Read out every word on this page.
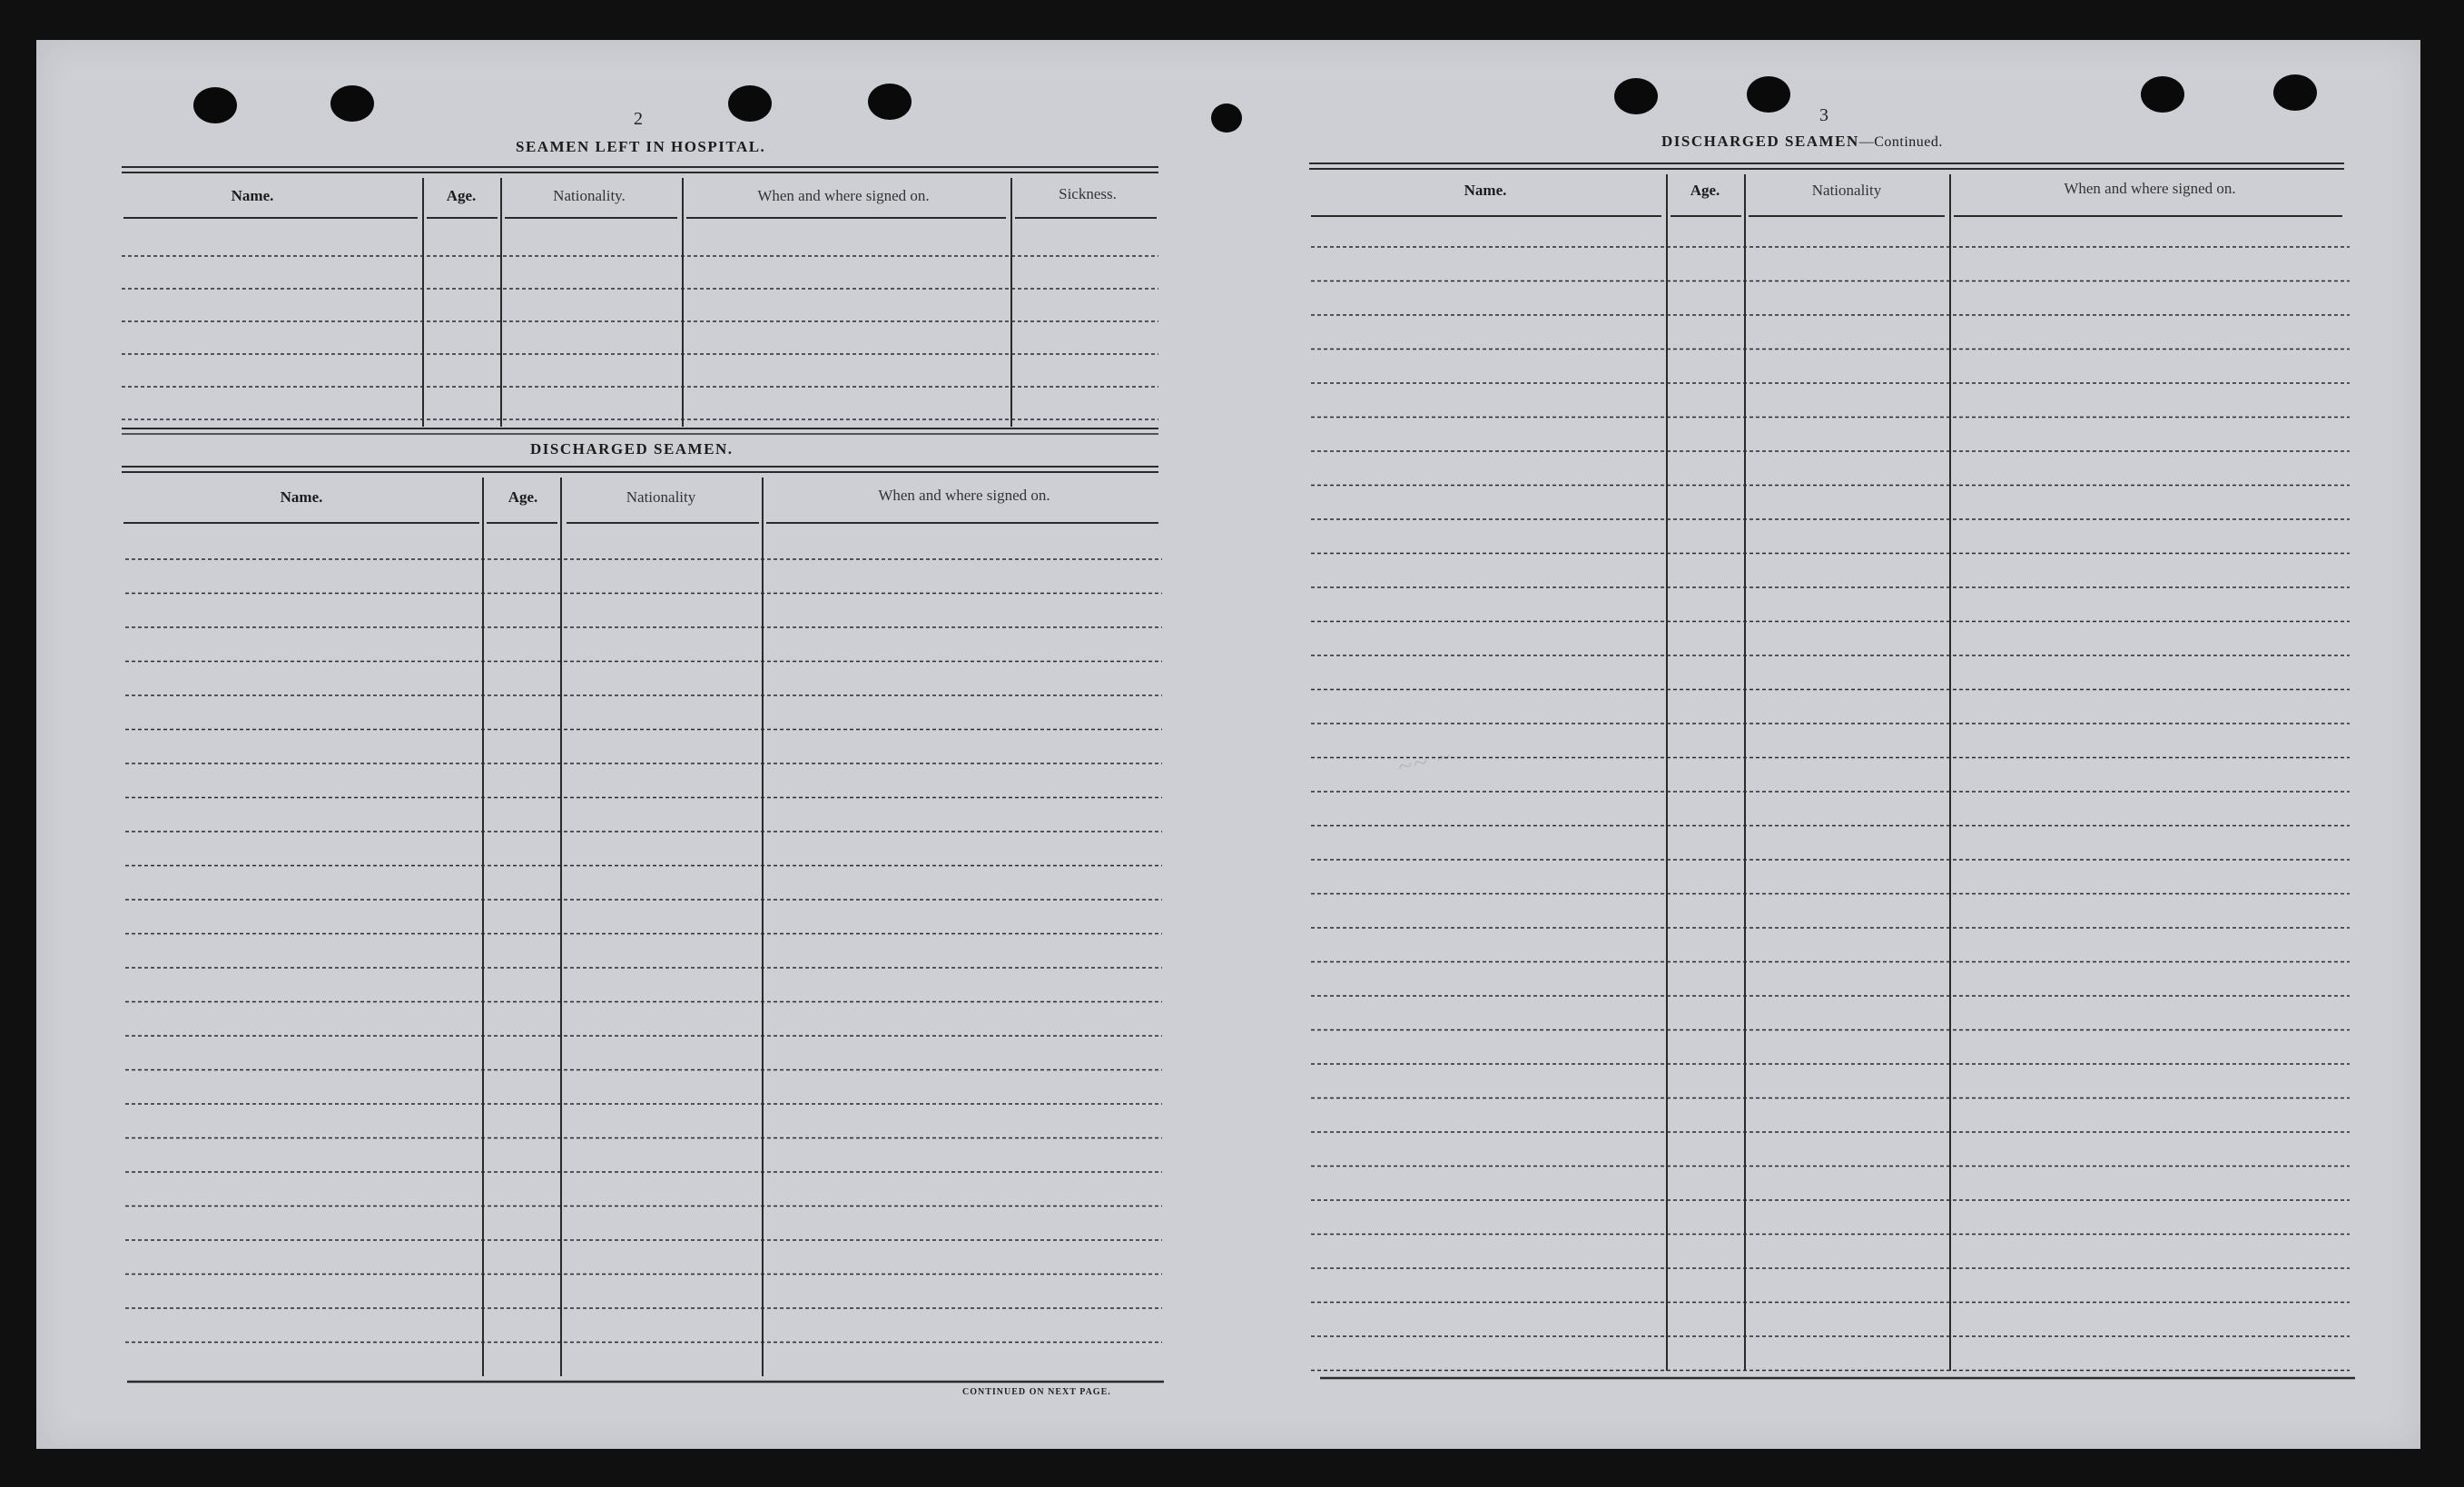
2
SEAMEN LEFT IN HOSPITAL.
Name.	Age.	Nationality.	When and where signed on.	Sickness.
DISCHARGED SEAMEN.
Name.	Age.	Nationality	When and where signed on.
CONTINUED ON NEXT PAGE.
3
DISCHARGED SEAMEN—Continued.
Name.	Age.	Nationality	When and where signed on.
~~ ~
